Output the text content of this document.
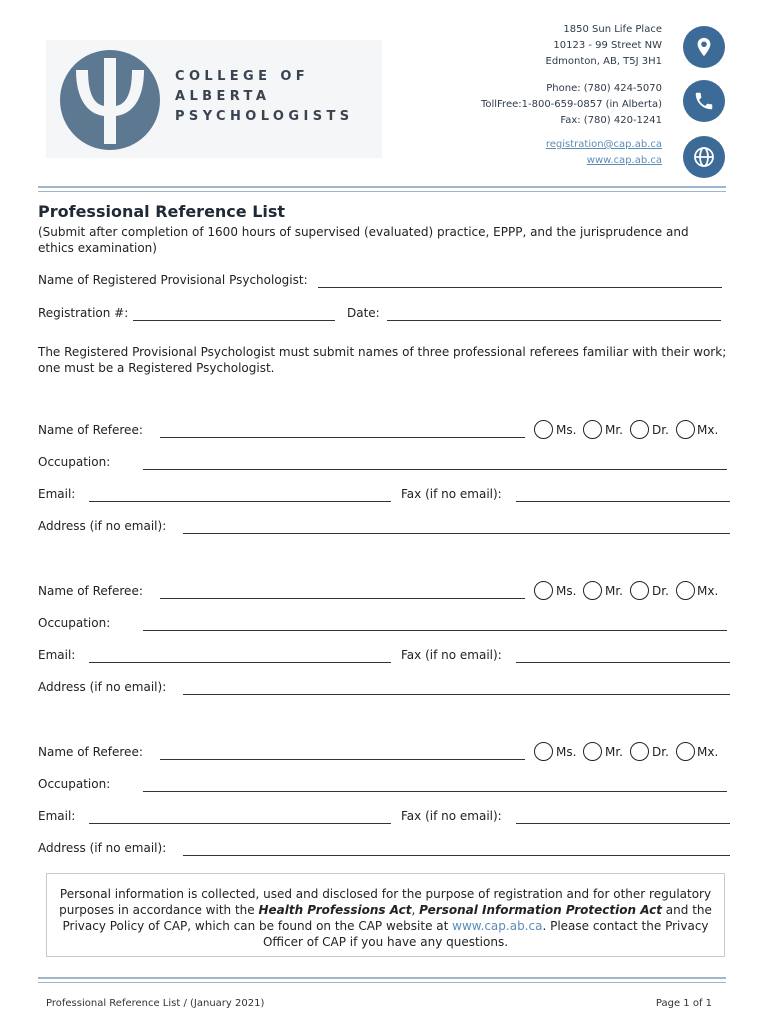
COLLEGE OF
ALBERTA
PSYCHOLOGISTS
1850 Sun Life Place
10123 - 99 Street NW
Edmonton, AB, T5J 3H1
Phone: (780) 424-5070
TollFree:1-800-659-0857 (in Alberta)
Fax: (780) 420-1241
registration@cap.ab.ca
www.cap.ab.ca
Professional Reference List
(Submit after completion of 1600 hours of supervised (evaluated) practice, EPPP, and the jurisprudence and ethics examination)
Name of Registered Provisional Psychologist:
Registration #:	Date:
The Registered Provisional Psychologist must submit names of three professional referees familiar with their work; one must be a Registered Psychologist.
Name of Referee:	Ms. Mr. Dr. Mx.
Occupation:
Email:	Fax (if no email):
Address (if no email):
Name of Referee:	Ms. Mr. Dr. Mx.
Occupation:
Email:	Fax (if no email):
Address (if no email):
Name of Referee:	Ms. Mr. Dr. Mx.
Occupation:
Email:	Fax (if no email):
Address (if no email):
Personal information is collected, used and disclosed for the purpose of registration and for other regulatory purposes in accordance with the Health Professions Act, Personal Information Protection Act and the Privacy Policy of CAP, which can be found on the CAP website at www.cap.ab.ca. Please contact the Privacy Officer of CAP if you have any questions.
Professional Reference List / (January 2021)	Page 1 of 1
